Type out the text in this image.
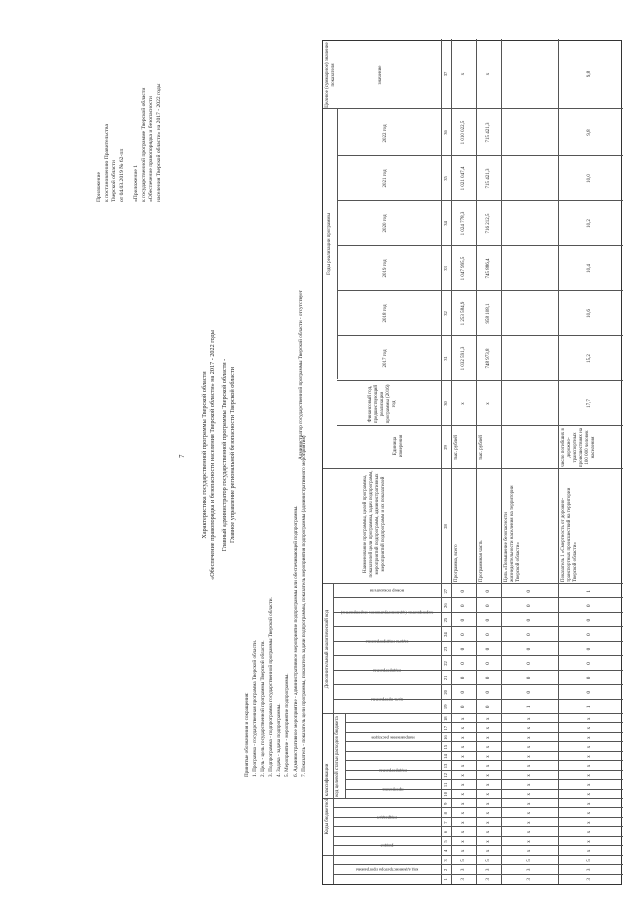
7
Приложение к постановлению Правительства Тверской области от 04.03.2019 № 62-пп «Приложение 1 к государственной программе Тверской области «Обеспечение правопорядка и безопасности населения Тверской области» на 2017 - 2022 годы
Характеристика государственной программы Тверской области «Обеспечение правопорядка и безопасности населения Тверской области» на 2017 - 2022 годы Главный администратор государственной программы Тверской области - Главное управление региональной безопасности Тверской области	Администратор государственной программы Тверской области - отсутствует
Принятые обозначения и сокращения: 1. Программа - государственная программа Тверской области. 2. Цель - цель государственной программы Тверской области. 3. Подпрограмма - подпрограмма государственной программы Тверской области. 4. Задача - задача подпрограммы. 5. Мероприятие - мероприятие подпрограммы. 6. Административное мероприятие - административное мероприятие подпрограммы или обеспечивающей подпрограммы. 7. Показатель - показатель цели программы, показатель задачи подпрограммы, показатель мероприятия подпрограммы (административного мероприятия)
Коды бюджетной классификации
Дополнительный аналитический код
код целевой статьи расходов бюджета
Наименование программы, целей программы, показателей цели программы, задач подпрограмм, мероприятий подпрограмм, административных мероприятий подпрограмм и их показателей
Единица измерения
Финансовый год, предшествующий реализации программы (2016) год
Годы реализации программы
Целевое (суммарное) значение показателя	значение
2017 год
2018 год
2019 год
2020 год
2021 год
2022 год
код администратора программы
раздел
подраздел
программа
подпрограмма
направление расходов
цель программы
подпрограмма
задача подпрограммы
мероприятие (административное мероприятие)
номер показателя
1
2
3
4
5
6
7
8
9
10
11
12
13
14
15
16
17
18
19
20
21
22
23
24
25
26
27
28
29
30
31
32
33
34
35
36
37
3
3
5
х
х
х
х
х
х
х
х
х
х
х
х
х
х
х
0
0
0
0
0
0
0
0
0
Программа, всего
тыс. рублей
х
1 032 591,3
1 253 584,9
1 047 995,5
1 024 778,3
1 021 047,4
1 010 022,5
х
3
3
5
х
х
х
х
х
х
х
х
х
х
х
х
х
х
х
0
0
0
0
0
0
0
0
0
Программная часть
тыс. рублей
х
748 973,8
958 108,1
745 886,4
716 212,5
715 421,3
715 421,3
х
3
3
5
х
х
х
х
х
х
х
х
х
х
х
х
х
х
х
1
0
0
0
0
0
0
0
0
Цель «Повышение безопасности жизнедеятельности населения на территории Тверской области»
3
3
5
х
х
х
х
х
х
х
х
х
х
х
х
х
х
х
1
0
0
0
0
0
0
0
1
Показатель 1 «Смертность от дорожно-транспортных происшествий на территории Тверской области»
число погибших в дорожно-транспортных происшествиях на 100 000 человек населения
17,7
15,2
10,6
10,4
10,2
10,0
9,8
9,8
